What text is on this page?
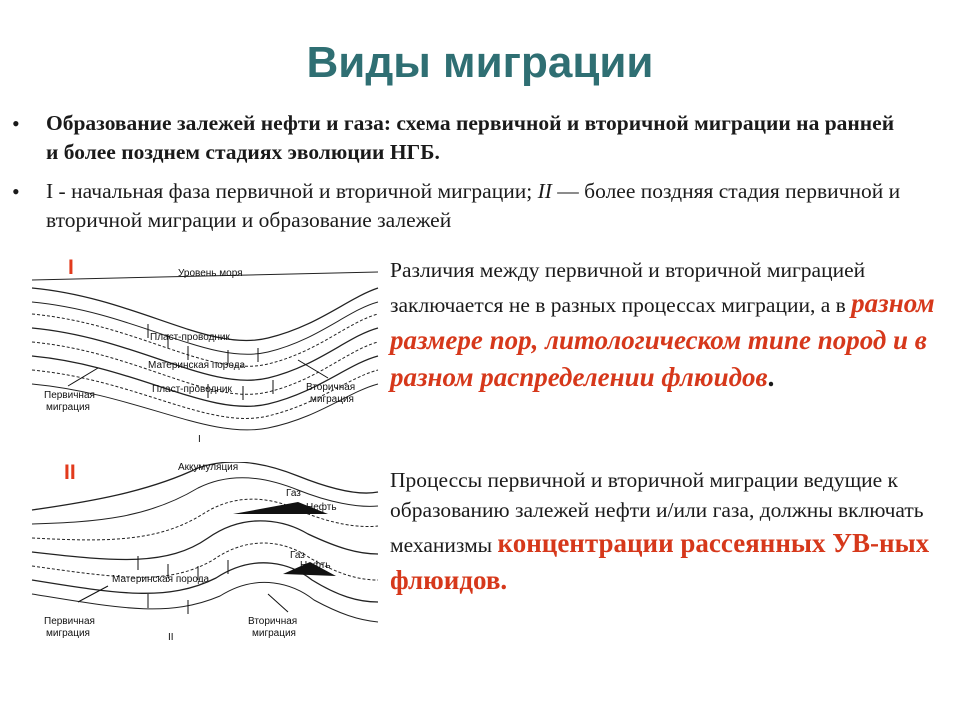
Виды миграции
• Образование залежей нефти и газа: схема первичной и вторичной миграции на ранней и более позднем стадиях эволюции НГБ.
• I - начальная фаза первичной и вторичной миграции; II — более поздняя стадия первичной и вторичной миграции и образование залежей
I	Уровень моря
Пласт-проводник
Материнская порода
Пласт-проводник
Первичная
миграция
Вторичная
миграция
I
II	Аккумуляция
Газ
Нефть
Газ
Нефть
Материнская порода
Первичная
миграция
Вторичная
миграция
II
Различия между первичной и вторичной миграцией заключается не в разных процессах миграции, а в разном размере пор, литологическом типе пород и в разном распределении флюидов.
Процессы первичной и вторичной миграции ведущие к образованию залежей нефти и/или газа, должны включать механизмы концентрации рассеянных УВ-ных флюидов.
